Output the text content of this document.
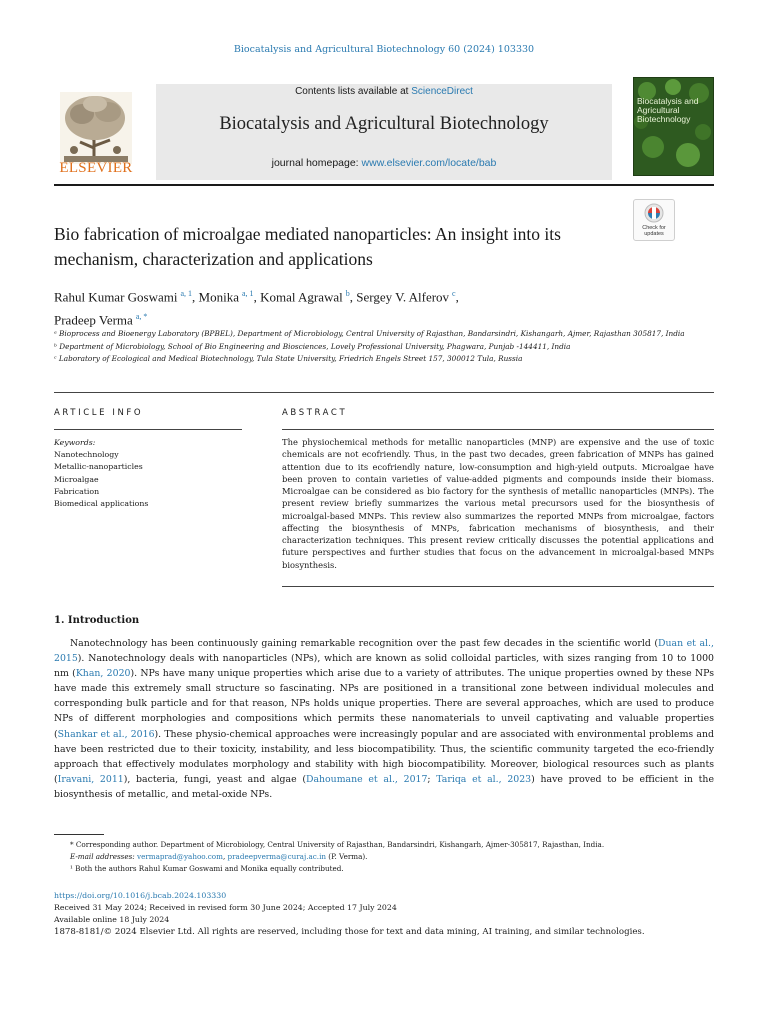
Biocatalysis and Agricultural Biotechnology 60 (2024) 103330
ELSEVIER
Contents lists available at ScienceDirect
Biocatalysis and Agricultural Biotechnology
journal homepage: www.elsevier.com/locate/bab
Biocatalysis and Agricultural Biotechnology
Check for updates
Bio fabrication of microalgae mediated nanoparticles: An insight into its mechanism, characterization and applications
Rahul Kumar Goswami $^{a, 1}$, Monika $^{a, 1}$, Komal Agrawal $^b$, Sergey V. Alferov $^c$,
Pradeep Verma $^{a, *}$
ᵃ Bioprocess and Bioenergy Laboratory (BPBEL), Department of Microbiology, Central University of Rajasthan, Bandarsindri, Kishangarh, Ajmer, Rajasthan 305817, India
ᵇ Department of Microbiology, School of Bio Engineering and Biosciences, Lovely Professional University, Phagwara, Punjab -144411, India
ᶜ Laboratory of Ecological and Medical Biotechnology, Tula State University, Friedrich Engels Street 157, 300012 Tula, Russia
ARTICLE INFO
Keywords:
Nanotechnology
Metallic-nanoparticles
Microalgae
Fabrication
Biomedical applications
ABSTRACT
The physiochemical methods for metallic nanoparticles (MNP) are expensive and the use of toxic chemicals are not ecofriendly. Thus, in the past two decades, green fabrication of MNPs has gained attention due to its ecofriendly nature, low-consumption and high-yield outputs. Microalgae have been proven to contain varieties of value-added pigments and compounds inside their biomass. Microalgae can be considered as bio factory for the synthesis of metallic nanoparticles (MNPs). The present review briefly summarizes the various metal precursors used for the biosynthesis of microalgal-based MNPs. This review also summarizes the reported MNPs from microalgae, factors affecting the biosynthesis of MNPs, fabrication mechanisms of biosynthesis, and their characterization techniques. This present review critically discusses the potential applications and future perspectives and further studies that focus on the advancement in microalgal-based MNPs biosynthesis.
1. Introduction
Nanotechnology has been continuously gaining remarkable recognition over the past few decades in the scientific world (Duan et al., 2015). Nanotechnology deals with nanoparticles (NPs), which are known as solid colloidal particles, with sizes ranging from 10 to 1000 nm (Khan, 2020). NPs have many unique properties which arise due to a variety of attributes. The unique properties owned by these NPs have made this extremely small structure so fascinating. NPs are positioned in a transitional zone between individual molecules and corresponding bulk particle and for that reason, NPs holds unique properties. There are several approaches, which are used to produce NPs of different morphologies and compositions which permits these nanomaterials to unveil captivating and valuable properties (Shankar et al., 2016). These physio-chemical approaches were increasingly popular and are associated with environmental problems and have been restricted due to their toxicity, instability, and less biocompatibility. Thus, the scientific community targeted the eco-friendly approach that effectively modulates morphology and stability with high biocompatibility. Moreover, biological resources such as plants (Iravani, 2011), bacteria, fungi, yeast and algae (Dahoumane et al., 2017; Tariqa et al., 2023) have proved to be efficient in the biosynthesis of metallic, and metal-oxide NPs.
* Corresponding author. Department of Microbiology, Central University of Rajasthan, Bandarsindri, Kishangarh, Ajmer-305817, Rajasthan, India.
E-mail addresses: vermaprad@yahoo.com, pradeepverma@curaj.ac.in (P. Verma).
¹ Both the authors Rahul Kumar Goswami and Monika equally contributed.
https://doi.org/10.1016/j.bcab.2024.103330
Received 31 May 2024; Received in revised form 30 June 2024; Accepted 17 July 2024
Available online 18 July 2024
1878-8181/© 2024 Elsevier Ltd. All rights are reserved, including those for text and data mining, AI training, and similar technologies.
